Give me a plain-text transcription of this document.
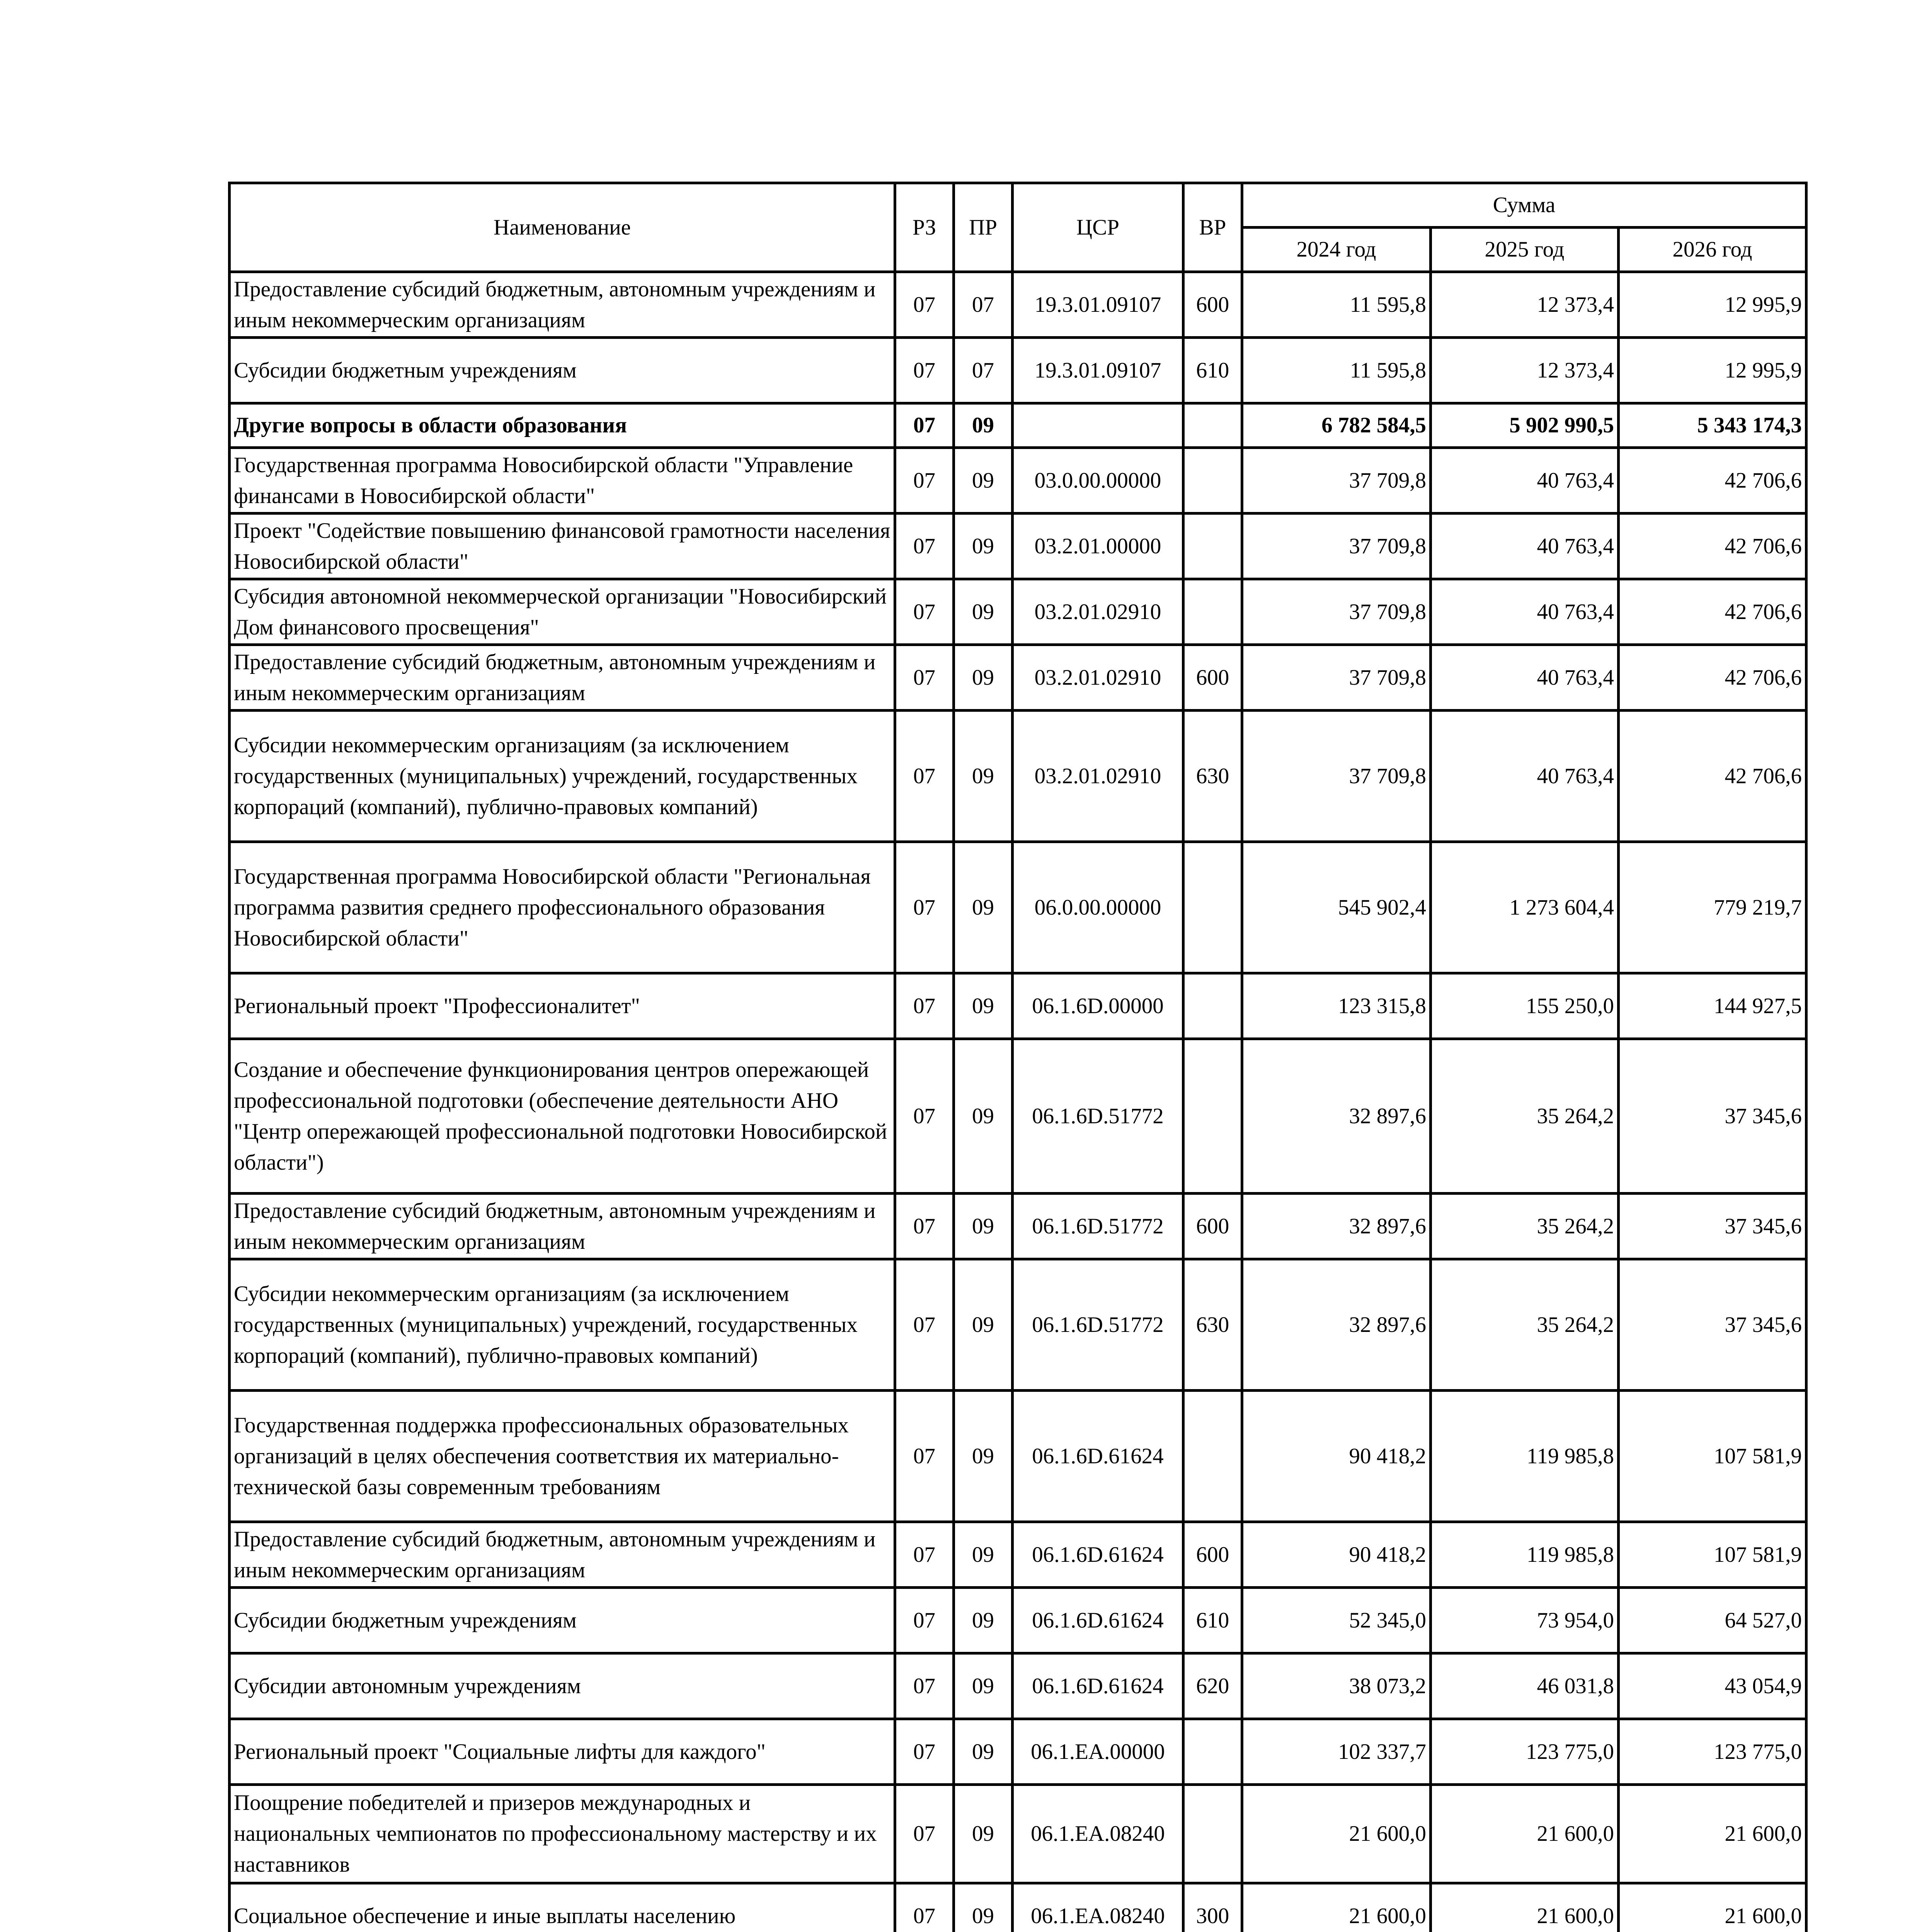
Наименование	РЗ	ПР	ЦСР	ВР	Сумма		
					2024 год	2025 год	2026 год
Предоставление субсидий бюджетным, автономным учреждениям и иным некоммерческим организациям	07	07	19.3.01.09107	600	11 595,8	12 373,4	12 995,9
Субсидии бюджетным учреждениям	07	07	19.3.01.09107	610	11 595,8	12 373,4	12 995,9
Другие вопросы в области образования	07	09			6 782 584,5	5 902 990,5	5 343 174,3
Государственная программа Новосибирской области "Управление финансами в Новосибирской области"	07	09	03.0.00.00000		37 709,8	40 763,4	42 706,6
Проект "Содействие повышению финансовой грамотности населения Новосибирской области"	07	09	03.2.01.00000		37 709,8	40 763,4	42 706,6
Субсидия автономной некоммерческой организации "Новосибирский Дом финансового просвещения"	07	09	03.2.01.02910		37 709,8	40 763,4	42 706,6
Предоставление субсидий бюджетным, автономным учреждениям и иным некоммерческим организациям	07	09	03.2.01.02910	600	37 709,8	40 763,4	42 706,6
Субсидии некоммерческим организациям (за исключением государственных (муниципальных) учреждений, государственных корпораций (компаний), публично-правовых компаний)	07	09	03.2.01.02910	630	37 709,8	40 763,4	42 706,6
Государственная программа Новосибирской области "Региональная программа развития среднего профессионального образования Новосибирской области"	07	09	06.0.00.00000		545 902,4	1 273 604,4	779 219,7
Региональный проект "Профессионалитет"	07	09	06.1.6D.00000		123 315,8	155 250,0	144 927,5
Создание и обеспечение функционирования центров опережающей профессиональной подготовки (обеспечение деятельности АНО "Центр опережающей профессиональной подготовки Новосибирской области")	07	09	06.1.6D.51772		32 897,6	35 264,2	37 345,6
Предоставление субсидий бюджетным, автономным учреждениям и иным некоммерческим организациям	07	09	06.1.6D.51772	600	32 897,6	35 264,2	37 345,6
Субсидии некоммерческим организациям (за исключением государственных (муниципальных) учреждений, государственных корпораций (компаний), публично-правовых компаний)	07	09	06.1.6D.51772	630	32 897,6	35 264,2	37 345,6
Государственная поддержка профессиональных образовательных организаций в целях обеспечения соответствия их материально-технической базы современным требованиям	07	09	06.1.6D.61624		90 418,2	119 985,8	107 581,9
Предоставление субсидий бюджетным, автономным учреждениям и иным некоммерческим организациям	07	09	06.1.6D.61624	600	90 418,2	119 985,8	107 581,9
Субсидии бюджетным учреждениям	07	09	06.1.6D.61624	610	52 345,0	73 954,0	64 527,0
Субсидии автономным учреждениям	07	09	06.1.6D.61624	620	38 073,2	46 031,8	43 054,9
Региональный проект "Социальные лифты для каждого"	07	09	06.1.ЕА.00000		102 337,7	123 775,0	123 775,0
Поощрение победителей и призеров международных и национальных чемпионатов по профессиональному мастерству и их наставников	07	09	06.1.ЕА.08240		21 600,0	21 600,0	21 600,0
Социальное обеспечение и иные выплаты населению	07	09	06.1.ЕА.08240	300	21 600,0	21 600,0	21 600,0
